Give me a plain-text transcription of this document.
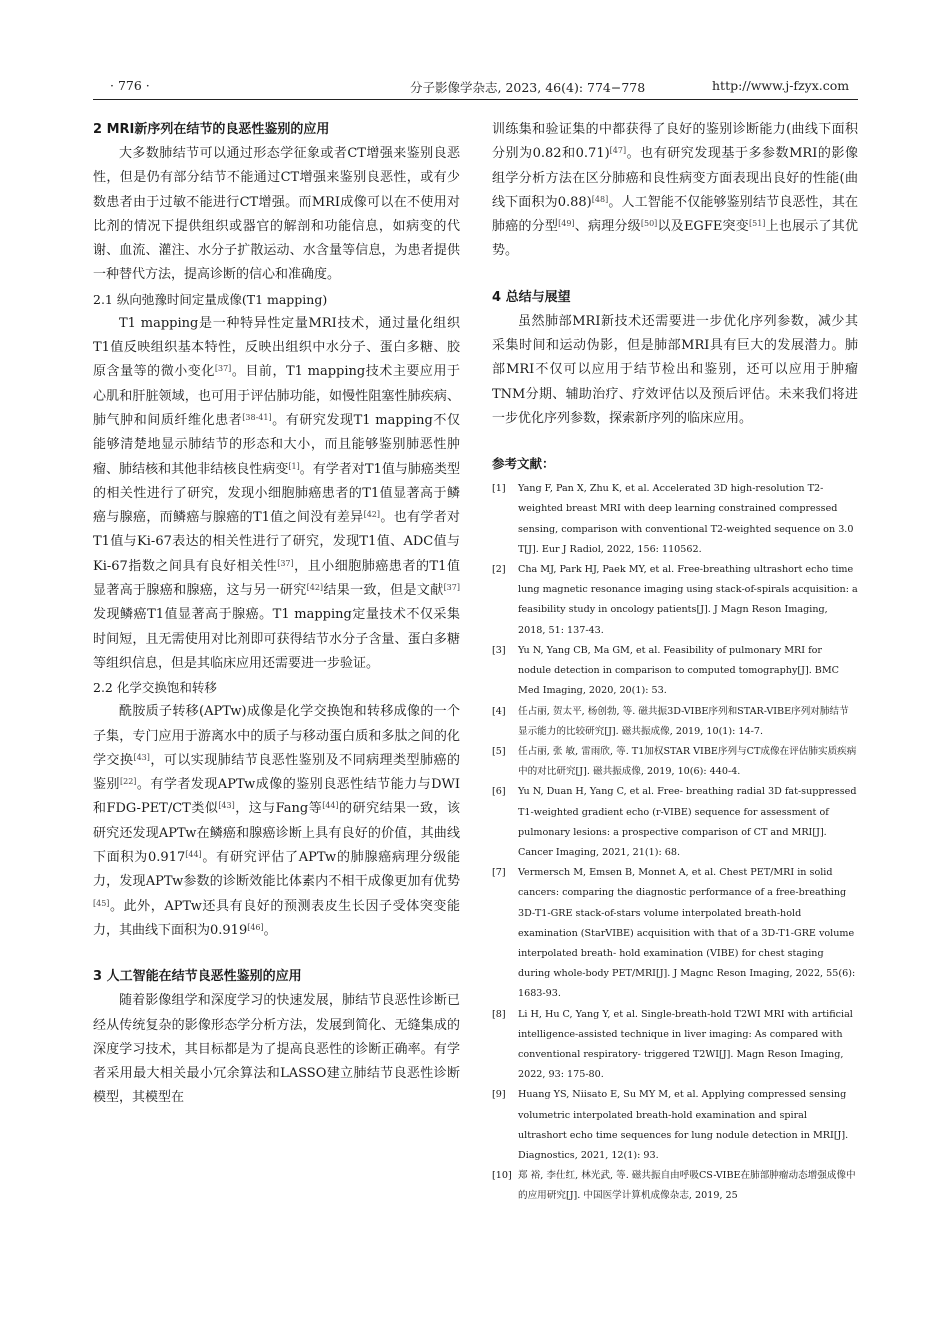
· 776 ·	分子影像学杂志, 2023, 46(4): 774−778	http://www.j-fzyx.com

2 MRI新序列在结节的良恶性鉴别的应用

大多数肺结节可以通过形态学征象或者CT增强来鉴别良恶性，但是仍有部分结节不能通过CT增强来鉴别良恶性，或有少数患者由于过敏不能进行CT增强。而MRI成像可以在不使用对比剂的情况下提供组织或器官的解剖和功能信息，如病变的代谢、血流、灌注、水分子扩散运动、水含量等信息，为患者提供一种替代方法，提高诊断的信心和准确度。

2.1 纵向弛豫时间定量成像(T1 mapping)

T1 mapping是一种特异性定量MRI技术，通过量化组织T1值反映组织基本特性，反映出组织中水分子、蛋白多糖、胶原含量等的微小变化[37]。目前，T1 mapping技术主要应用于心肌和肝脏领域，也可用于评估肺功能，如慢性阻塞性肺疾病、肺气肿和间质纤维化患者[38-41]。有研究发现T1 mapping不仅能够清楚地显示肺结节的形态和大小，而且能够鉴别肺恶性肿瘤、肺结核和其他非结核良性病变[1]。有学者对T1值与肺癌类型的相关性进行了研究，发现小细胞肺癌患者的T1值显著高于鳞癌与腺癌，而鳞癌与腺癌的T1值之间没有差异[42]。也有学者对T1值与Ki-67表达的相关性进行了研究，发现T1值、ADC值与Ki-67指数之间具有良好相关性[37]，且小细胞肺癌患者的T1值显著高于腺癌和腺癌，这与另一研究[42]结果一致，但是文献[37]发现鳞癌T1值显著高于腺癌。T1 mapping定量技术不仅采集时间短，且无需使用对比剂即可获得结节水分子含量、蛋白多糖等组织信息，但是其临床应用还需要进一步验证。

2.2 化学交换饱和转移

酰胺质子转移(APTw)成像是化学交换饱和转移成像的一个子集，专门应用于游离水中的质子与移动蛋白质和多肽之间的化学交换[43]，可以实现肺结节良恶性鉴别及不同病理类型肺癌的鉴别[22]。有学者发现APTw成像的鉴别良恶性结节能力与DWI和FDG-PET/CT类似[43]，这与Fang等[44]的研究结果一致，该研究还发现APTw在鳞癌和腺癌诊断上具有良好的价值，其曲线下面积为0.917[44]。有研究评估了APTw的肺腺癌病理分级能力，发现APTw参数的诊断效能比体素内不相干成像更加有优势[45]。此外，APTw还具有良好的预测表皮生长因子受体突变能力，其曲线下面积为0.919[46]。

3 人工智能在结节良恶性鉴别的应用

随着影像组学和深度学习的快速发展，肺结节良恶性诊断已经从传统复杂的影像形态学分析方法，发展到简化、无缝集成的深度学习技术，其目标都是为了提高良恶性的诊断正确率。有学者采用最大相关最小冗余算法和LASSO建立肺结节良恶性诊断模型，其模型在

训练集和验证集的中都获得了良好的鉴别诊断能力(曲线下面积分别为0.82和0.71)[47]。也有研究发现基于多参数MRI的影像组学分析方法在区分肺癌和良性病变方面表现出良好的性能(曲线下面积为0.88)[48]。人工智能不仅能够鉴别结节良恶性，其在肺癌的分型[49]、病理分级[50]以及EGFE突变[51]上也展示了其优势。

4 总结与展望

虽然肺部MRI新技术还需要进一步优化序列参数，减少其采集时间和运动伪影，但是肺部MRI具有巨大的发展潜力。肺部MRI不仅可以应用于结节检出和鉴别，还可以应用于肿瘤TNM分期、辅助治疗、疗效评估以及预后评估。未来我们将进一步优化序列参数，探索新序列的临床应用。

参考文献：

[1] Yang F, Pan X, Zhu K, et al. Accelerated 3D high-resolution T2-weighted breast MRI with deep learning constrained compressed sensing, comparison with conventional T2-weighted sequence on 3.0 T[J]. Eur J Radiol, 2022, 156: 110562.

[2] Cha MJ, Park HJ, Paek MY, et al. Free-breathing ultrashort echo time lung magnetic resonance imaging using stack-of-spirals acquisition: a feasibility study in oncology patients[J]. J Magn Reson Imaging, 2018, 51: 137-43.

[3] Yu N, Yang CB, Ma GM, et al. Feasibility of pulmonary MRI for nodule detection in comparison to computed tomography[J]. BMC Med Imaging, 2020, 20(1): 53.

[4] 任占丽, 贺太平, 杨创勃, 等. 磁共振3D-VIBE序列和STAR-VIBE序列对肺结节显示能力的比较研究[J]. 磁共振成像, 2019, 10(1): 14-7.

[5] 任占丽, 张 敏, 雷雨欣, 等. T1加权STAR VIBE序列与CT成像在评估肺实质疾病中的对比研究[J]. 磁共振成像, 2019, 10(6): 440-4.

[6] Yu N, Duan H, Yang C, et al. Free- breathing radial 3D fat-suppressed T1-weighted gradient echo (r-VIBE) sequence for assessment of pulmonary lesions: a prospective comparison of CT and MRI[J]. Cancer Imaging, 2021, 21(1): 68.

[7] Vermersch M, Emsen B, Monnet A, et al. Chest PET/MRI in solid cancers: comparing the diagnostic performance of a free-breathing 3D-T1-GRE stack-of-stars volume interpolated breath-hold examination (StarVIBE) acquisition with that of a 3D-T1-GRE volume interpolated breath- hold examination (VIBE) for chest staging during whole-body PET/MRI[J]. J Magnc Reson Imaging, 2022, 55(6): 1683-93.

[8] Li H, Hu C, Yang Y, et al. Single-breath-hold T2WI MRI with artificial intelligence-assisted technique in liver imaging: As compared with conventional respiratory- triggered T2WI[J]. Magn Reson Imaging, 2022, 93: 175-80.

[9] Huang YS, Niisato E, Su MY M, et al. Applying compressed sensing volumetric interpolated breath-hold examination and spiral ultrashort echo time sequences for lung nodule detection in MRI[J]. Diagnostics, 2021, 12(1): 93.

[10] 郑 裕, 李仕红, 林光武, 等. 磁共振自由呼吸CS-VIBE在肺部肿瘤动态增强成像中的应用研究[J]. 中国医学计算机成像杂志, 2019, 25
